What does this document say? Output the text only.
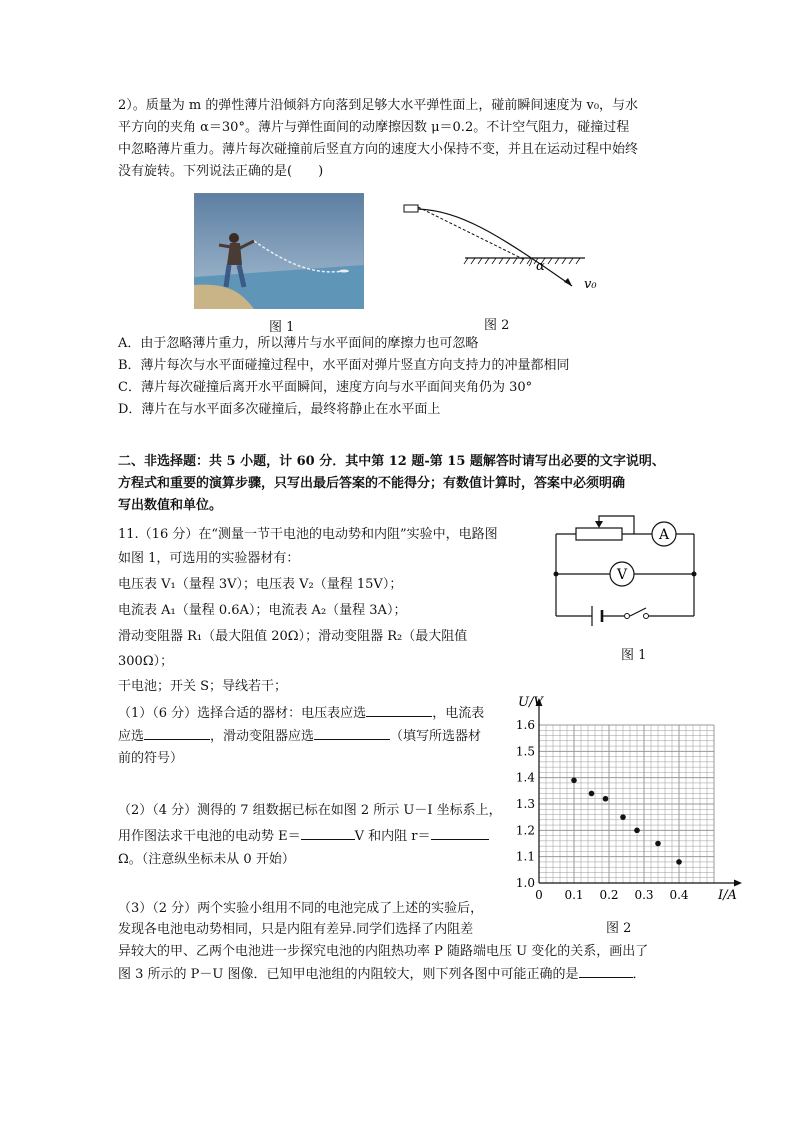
2）。质量为 m 的弹性薄片沿倾斜方向落到足够大水平弹性面上，碰前瞬间速度为 v₀，与水
平方向的夹角 α＝30°。薄片与弹性面间的动摩擦因数 μ＝0.2。不计空气阻力，碰撞过程
中忽略薄片重力。薄片每次碰撞前后竖直方向的速度大小保持不变，并且在运动过程中始终
没有旋转。下列说法正确的是(　　)
图 1
α
v₀
图 2
A．由于忽略薄片重力，所以薄片与水平面间的摩擦力也可忽略
B．薄片每次与水平面碰撞过程中，水平面对弹片竖直方向支持力的冲量都相同
C．薄片每次碰撞后离开水平面瞬间，速度方向与水平面间夹角仍为 30°
D．薄片在与水平面多次碰撞后，最终将静止在水平面上
二、非选择题：共 5 小题，计 60 分．其中第 12 题-第 15 题解答时请写出必要的文字说明、
方程式和重要的演算步骤，只写出最后答案的不能得分；有数值计算时，答案中必须明确
写出数值和单位。
11.（16 分）在“测量一节干电池的电动势和内阻”实验中，电路图
如图 1，可选用的实验器材有：
电压表 V₁（量程 3V）；电压表 V₂（量程 15V）；
电流表 A₁（量程 0.6A）；电流表 A₂（量程 3A）；
滑动变阻器 R₁（最大阻值 20Ω）；滑动变阻器 R₂（最大阻值
300Ω）；
干电池；开关 S；导线若干；
A
V
图 1
（1）（6 分）选择合适的器材：电压表应选	，电流表
应选	，滑动变阻器应选	（填写所选器材
前的符号）
（2）（4 分）测得的 7 组数据已标在如图 2 所示 U－I 坐标系上，
用作图法求干电池的电动势 E＝	V 和内阻 r＝
Ω。（注意纵坐标未从 0 开始）
（3）（2 分）两个实验小组用不同的电池完成了上述的实验后，
发现各电池电动势相同，只是内阻有差异.同学们选择了内阻差
异较大的甲、乙两个电池进一步探究电池的内阻热功率 P 随路端电压 U 变化的关系，画出了
图 3 所示的 P－U 图像．已知甲电池组的内阻较大，则下列各图中可能正确的是	．
1.0
1.1
1.2
1.3
1.4
1.5
1.6
0 0.1 0.2 0.3 0.4
U/V
I/A
图 2
